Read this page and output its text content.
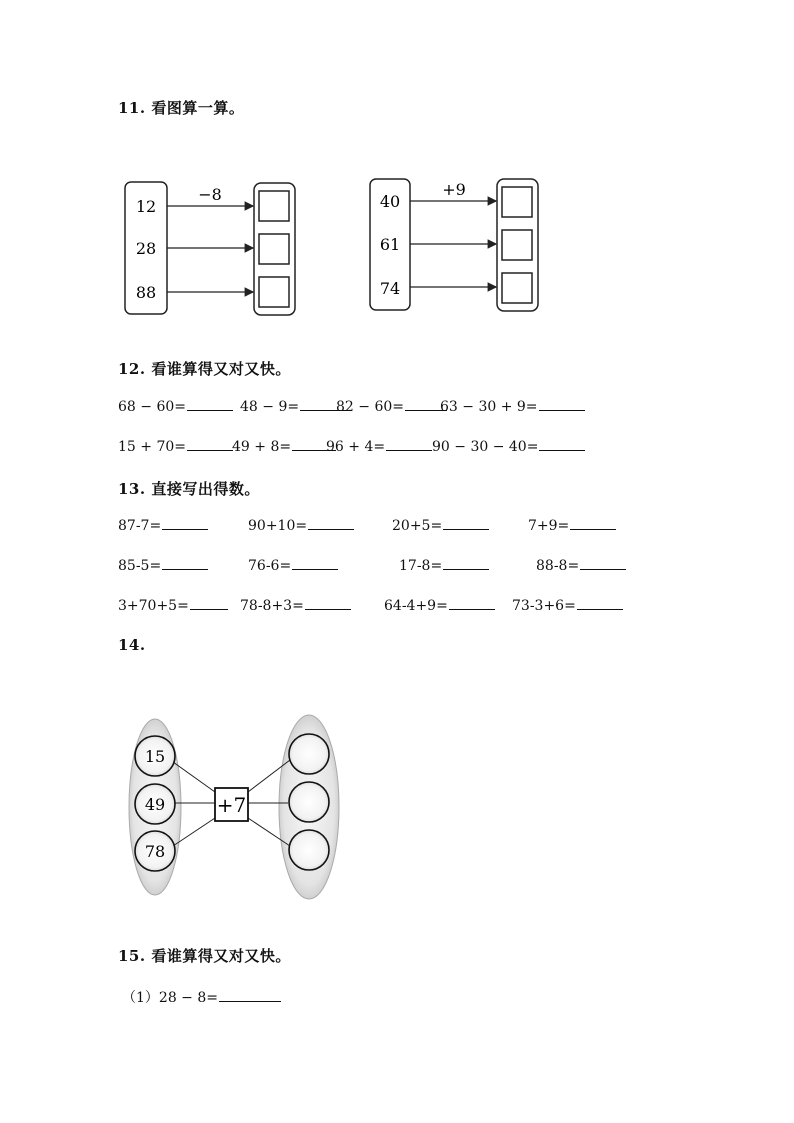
11. 看图算一算。
12
28
88
−8	40
61
74
+9
12. 看谁算得又对又快。
68 − 60=	48 − 9=	82 − 60=	63 − 30 + 9=
15 + 70=	49 + 8=	96 + 4=	90 − 30 − 40=
13. 直接写出得数。
87-7=	90+10=	20+5=	7+9=
85-5=	76-6=	17-8=	88-8=
3+70+5=	78-8+3=	64-4+9=	73-3+6=
14.
+7
15
49
78
15. 看谁算得又对又快。
（1）28 − 8=
